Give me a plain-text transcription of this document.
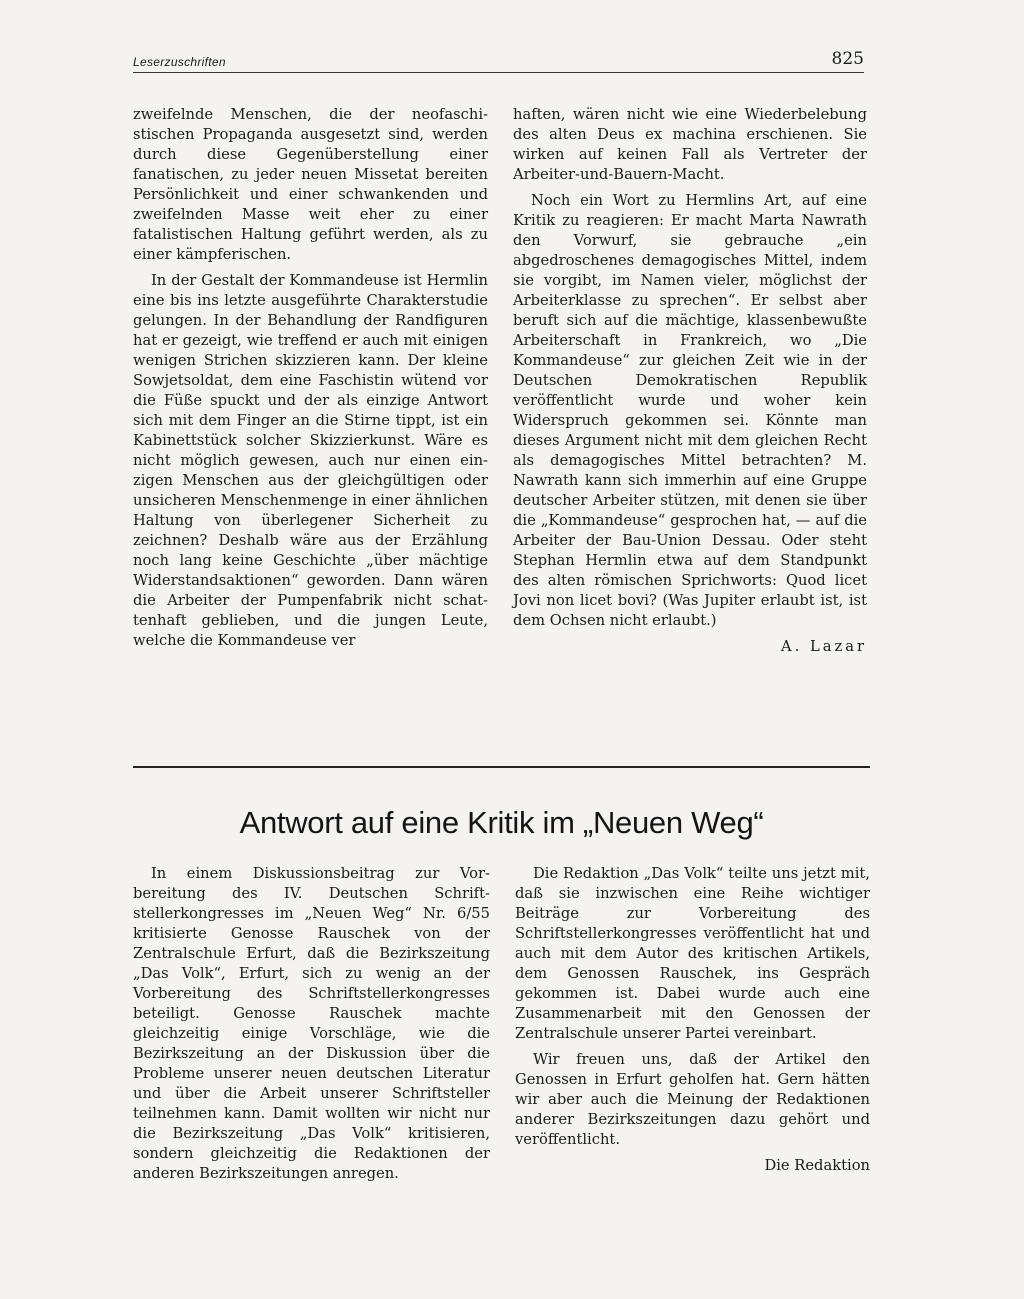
Leserzuschriften	825

zweifelnde Menschen, die der neofaschistischen Propaganda ausgesetzt sind, werden durch diese Gegenüberstellung einer fanatischen, zu jeder neuen Missetat bereiten Persönlichkeit und einer schwankenden und zweifelnden Masse weit eher zu einer fatalistischen Haltung geführt werden, als zu einer kämpferischen.

In der Gestalt der Kommandeuse ist Hermlin eine bis ins letzte ausgeführte Charakterstudie gelungen. In der Behandlung der Randfiguren hat er gezeigt, wie treffend er auch mit einigen wenigen Strichen skizzieren kann. Der kleine Sowjetsoldat, dem eine Faschistin wütend vor die Füße spuckt und der als einzige Antwort sich mit dem Finger an die Stirne tippt, ist ein Kabinettstück solcher Skizzierkunst. Wäre es nicht möglich gewesen, auch nur einen einzigen Menschen aus der gleichgültigen oder unsicheren Menschenmenge in einer ähnlichen Haltung von überlegener Sicherheit zu zeichnen? Deshalb wäre aus der Erzählung noch lang keine Geschichte „über mächtige Widerstandsaktionen“ geworden. Dann wären die Arbeiter der Pumpenfabrik nicht schattenhaft geblieben, und die jungen Leute, welche die Kommandeuse ver

haften, wären nicht wie eine Wiederbelebung des alten Deus ex machina erschienen. Sie wirken auf keinen Fall als Vertreter der Arbeiter-und-Bauern-Macht.

Noch ein Wort zu Hermlins Art, auf eine Kritik zu reagieren: Er macht Marta Nawrath den Vorwurf, sie gebrauche „ein abgedroschenes demagogisches Mittel, indem sie vorgibt, im Namen vieler, möglichst der Arbeiterklasse zu sprechen“. Er selbst aber beruft sich auf die mächtige, klassenbewußte Arbeiterschaft in Frankreich, wo „Die Kommandeuse“ zur gleichen Zeit wie in der Deutschen Demokratischen Republik veröffentlicht wurde und woher kein Widerspruch gekommen sei. Könnte man dieses Argument nicht mit dem gleichen Recht als demagogisches Mittel betrachten? M. Nawrath kann sich immerhin auf eine Gruppe deutscher Arbeiter stützen, mit denen sie über die „Kommandeuse“ gesprochen hat, — auf die Arbeiter der Bau-Union Dessau. Oder steht Stephan Hermlin etwa auf dem Standpunkt des alten römischen Sprichworts: Quod licet Jovi non licet bovi? (Was Jupiter erlaubt ist, ist dem Ochsen nicht erlaubt.)

A. Lazar
Antwort auf eine Kritik im „Neuen Weg“

In einem Diskussionsbeitrag zur Vorbereitung des IV. Deutschen Schriftstellerkongresses im „Neuen Weg“ Nr. 6/55 kritisierte Genosse Rauschek von der Zentralschule Erfurt, daß die Bezirkszeitung „Das Volk“, Erfurt, sich zu wenig an der Vorbereitung des Schriftstellerkongresses beteiligt. Genosse Rauschek machte gleichzeitig einige Vorschläge, wie die Bezirkszeitung an der Diskussion über die Probleme unserer neuen deutschen Literatur und über die Arbeit unserer Schriftsteller teilnehmen kann. Damit wollten wir nicht nur die Bezirkszeitung „Das Volk“ kritisieren, sondern gleichzeitig die Redaktionen der anderen Bezirkszeitungen anregen.

Die Redaktion „Das Volk“ teilte uns jetzt mit, daß sie inzwischen eine Reihe wichtiger Beiträge zur Vorbereitung des Schriftstellerkongresses veröffentlicht hat und auch mit dem Autor des kritischen Artikels, dem Genossen Rauschek, ins Gespräch gekommen ist. Dabei wurde auch eine Zusammenarbeit mit den Genossen der Zentralschule unserer Partei vereinbart.

Wir freuen uns, daß der Artikel den Genossen in Erfurt geholfen hat. Gern hätten wir aber auch die Meinung der Redaktionen anderer Bezirkszeitungen dazu gehört und veröffentlicht.

Die Redaktion
